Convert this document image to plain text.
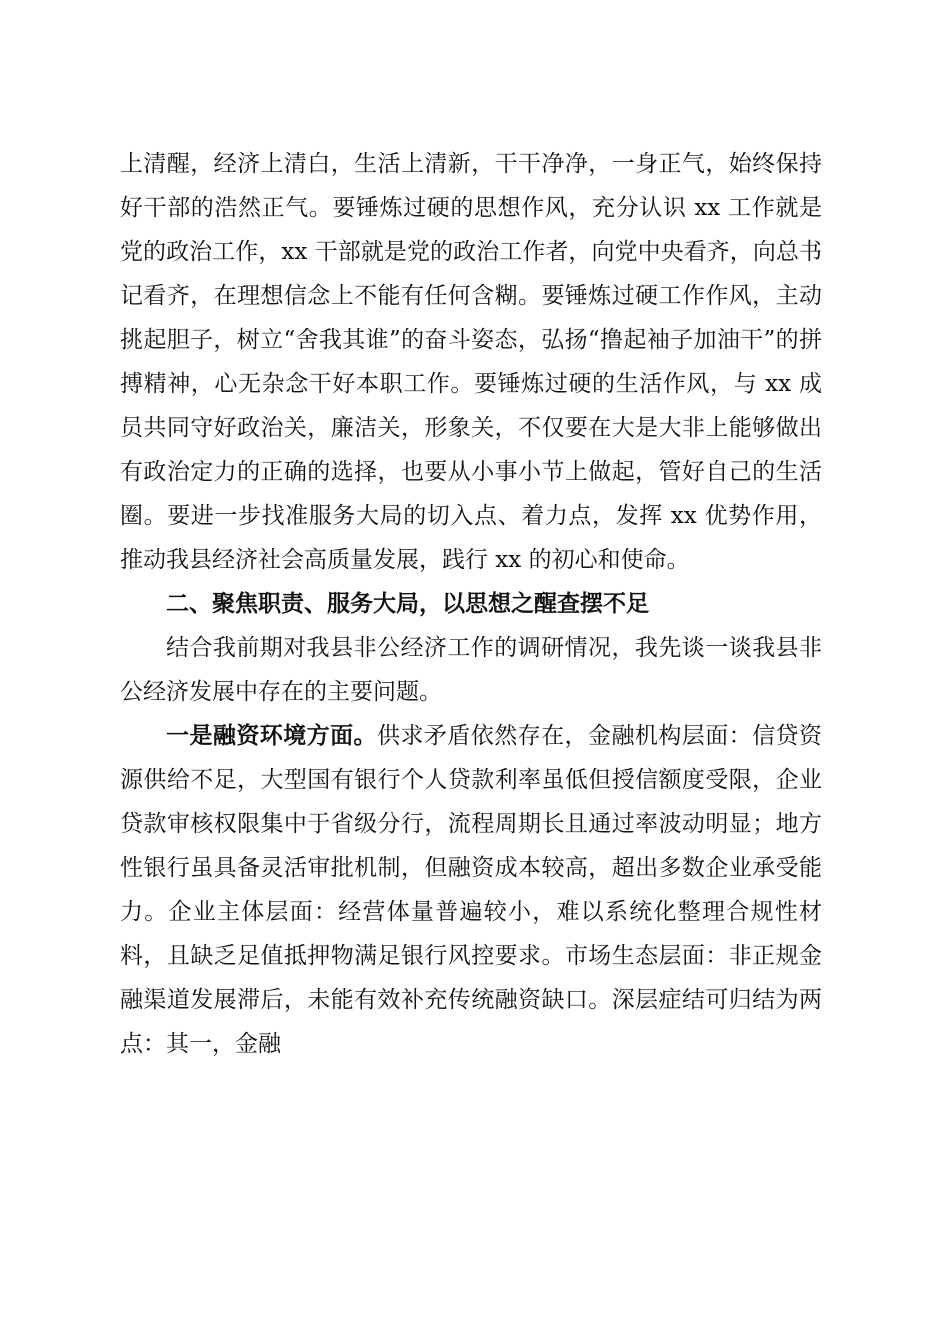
上清醒，经济上清白，生活上清新，干干净净，一身正气，始终保持好干部的浩然正气。要锤炼过硬的思想作风，充分认识 xx 工作就是党的政治工作，xx 干部就是党的政治工作者，向党中央看齐，向总书记看齐，在理想信念上不能有任何含糊。要锤炼过硬工作作风，主动挑起胆子，树立“舍我其谁”的奋斗姿态，弘扬“撸起袖子加油干”的拼搏精神，心无杂念干好本职工作。要锤炼过硬的生活作风，与 xx 成员共同守好政治关，廉洁关，形象关，不仅要在大是大非上能够做出有政治定力的正确的选择，也要从小事小节上做起，管好自己的生活圈。要进一步找准服务大局的切入点、着力点，发挥 xx 优势作用，推动我县经济社会高质量发展，践行 xx 的初心和使命。

二、聚焦职责、服务大局，以思想之醒查摆不足

结合我前期对我县非公经济工作的调研情况，我先谈一谈我县非公经济发展中存在的主要问题。

一是融资环境方面。供求矛盾依然存在，金融机构层面：信贷资源供给不足，大型国有银行个人贷款利率虽低但授信额度受限，企业贷款审核权限集中于省级分行，流程周期长且通过率波动明显；地方性银行虽具备灵活审批机制，但融资成本较高，超出多数企业承受能力。企业主体层面：经营体量普遍较小，难以系统化整理合规性材料，且缺乏足值抵押物满足银行风控要求。市场生态层面：非正规金融渠道发展滞后，未能有效补充传统融资缺口。深层症结可归结为两点：其一，金融
